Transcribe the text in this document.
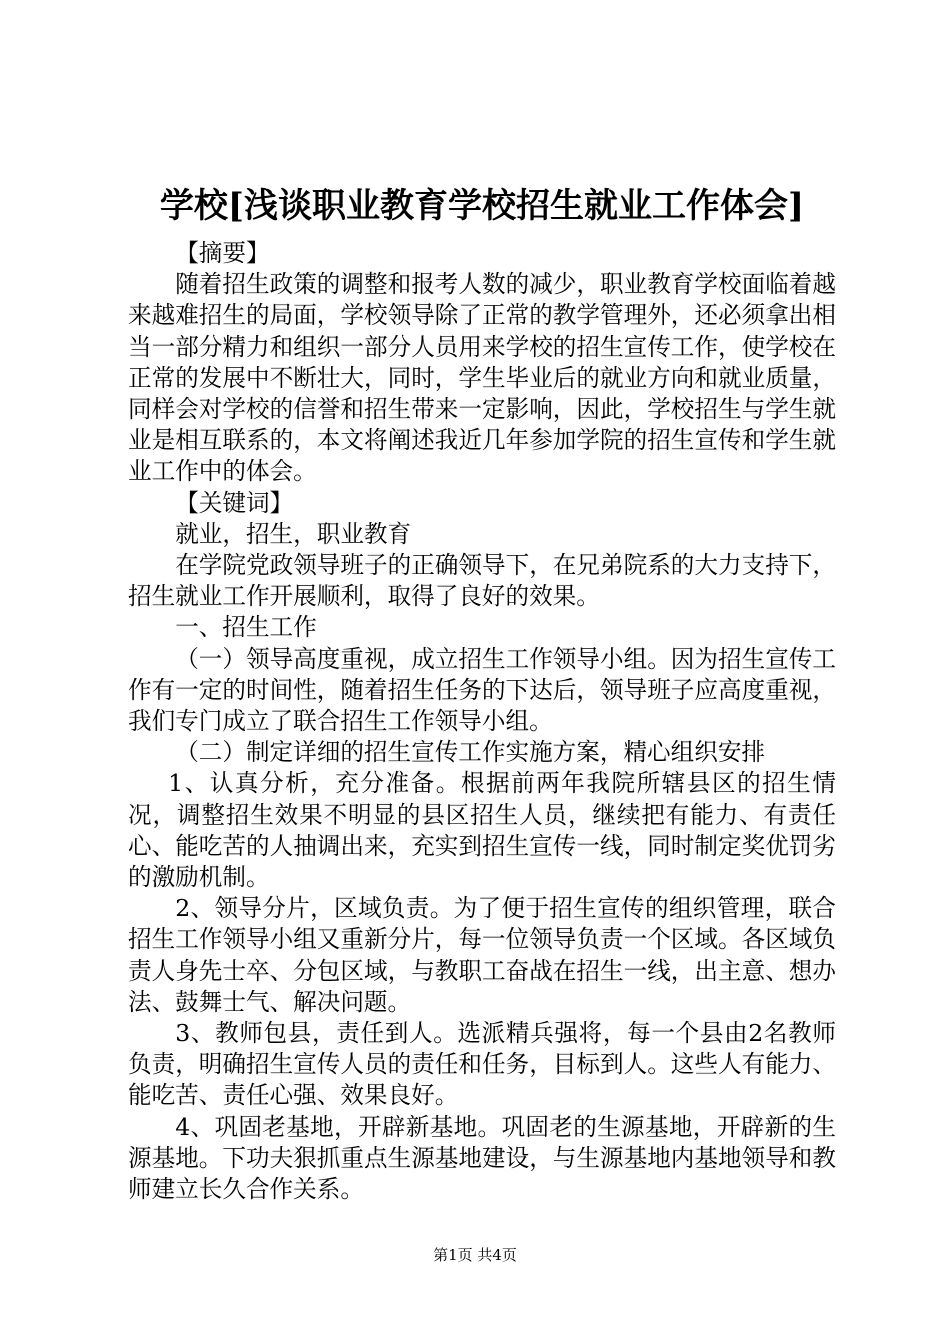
学校[浅谈职业教育学校招生就业工作体会]

【摘要】

随着招生政策的调整和报考人数的减少，职业教育学校面临着越来越难招生的局面，学校领导除了正常的教学管理外，还必须拿出相当一部分精力和组织一部分人员用来学校的招生宣传工作，使学校在正常的发展中不断壮大，同时，学生毕业后的就业方向和就业质量，同样会对学校的信誉和招生带来一定影响，因此，学校招生与学生就业是相互联系的，本文将阐述我近几年参加学院的招生宣传和学生就业工作中的体会。

【关键词】

就业，招生，职业教育

在学院党政领导班子的正确领导下，在兄弟院系的大力支持下，招生就业工作开展顺利，取得了良好的效果。

一、招生工作

（一）领导高度重视，成立招生工作领导小组。因为招生宣传工作有一定的时间性，随着招生任务的下达后，领导班子应高度重视，我们专门成立了联合招生工作领导小组。

（二）制定详细的招生宣传工作实施方案，精心组织安排

1、认真分析，充分准备。根据前两年我院所辖县区的招生情况，调整招生效果不明显的县区招生人员，继续把有能力、有责任心、能吃苦的人抽调出来，充实到招生宣传一线，同时制定奖优罚劣的激励机制。

2、领导分片，区域负责。为了便于招生宣传的组织管理，联合招生工作领导小组又重新分片，每一位领导负责一个区域。各区域负责人身先士卒、分包区域，与教职工奋战在招生一线，出主意、想办法、鼓舞士气、解决问题。

3、教师包县，责任到人。选派精兵强将，每一个县由2名教师负责，明确招生宣传人员的责任和任务，目标到人。这些人有能力、能吃苦、责任心强、效果良好。

4、巩固老基地，开辟新基地。巩固老的生源基地，开辟新的生源基地。下功夫狠抓重点生源基地建设，与生源基地内基地领导和教师建立长久合作关系。

第1页 共4页
